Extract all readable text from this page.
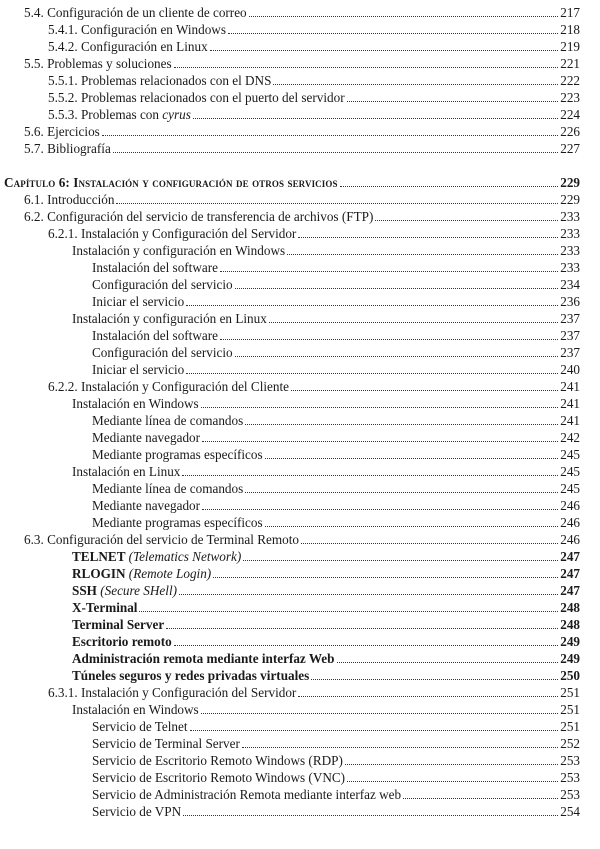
5.4. Configuración de un cliente de correo	217
5.4.1. Configuración en Windows	218
5.4.2. Configuración en Linux	219
5.5. Problemas y soluciones	221
5.5.1. Problemas relacionados con el DNS	222
5.5.2. Problemas relacionados con el puerto del servidor	223
5.5.3. Problemas con cyrus	224
5.6. Ejercicios	226
5.7. Bibliografía	227
Capítulo 6: Instalación y configuración de otros servicios	229
6.1. Introducción	229
6.2. Configuración del servicio de transferencia de archivos (FTP)	233
6.2.1. Instalación y Configuración del Servidor	233
Instalación y configuración en Windows	233
Instalación del software	233
Configuración del servicio	234
Iniciar el servicio	236
Instalación y configuración en Linux	237
Instalación del software	237
Configuración del servicio	237
Iniciar el servicio	240
6.2.2. Instalación y Configuración del Cliente	241
Instalación en Windows	241
Mediante línea de comandos	241
Mediante navegador	242
Mediante programas específicos	245
Instalación en Linux	245
Mediante línea de comandos	245
Mediante navegador	246
Mediante programas específicos	246
6.3. Configuración del servicio de Terminal Remoto	246
TELNET (Telematics Network)	247
RLOGIN (Remote Login)	247
SSH (Secure SHell)	247
X-Terminal	248
Terminal Server	248
Escritorio remoto	249
Administración remota mediante interfaz Web	249
Túneles seguros y redes privadas virtuales	250
6.3.1. Instalación y Configuración del Servidor	251
Instalación en Windows	251
Servicio de Telnet	251
Servicio de Terminal Server	252
Servicio de Escritorio Remoto Windows (RDP)	253
Servicio de Escritorio Remoto Windows (VNC)	253
Servicio de Administración Remota mediante interfaz web	253
Servicio de VPN	254
